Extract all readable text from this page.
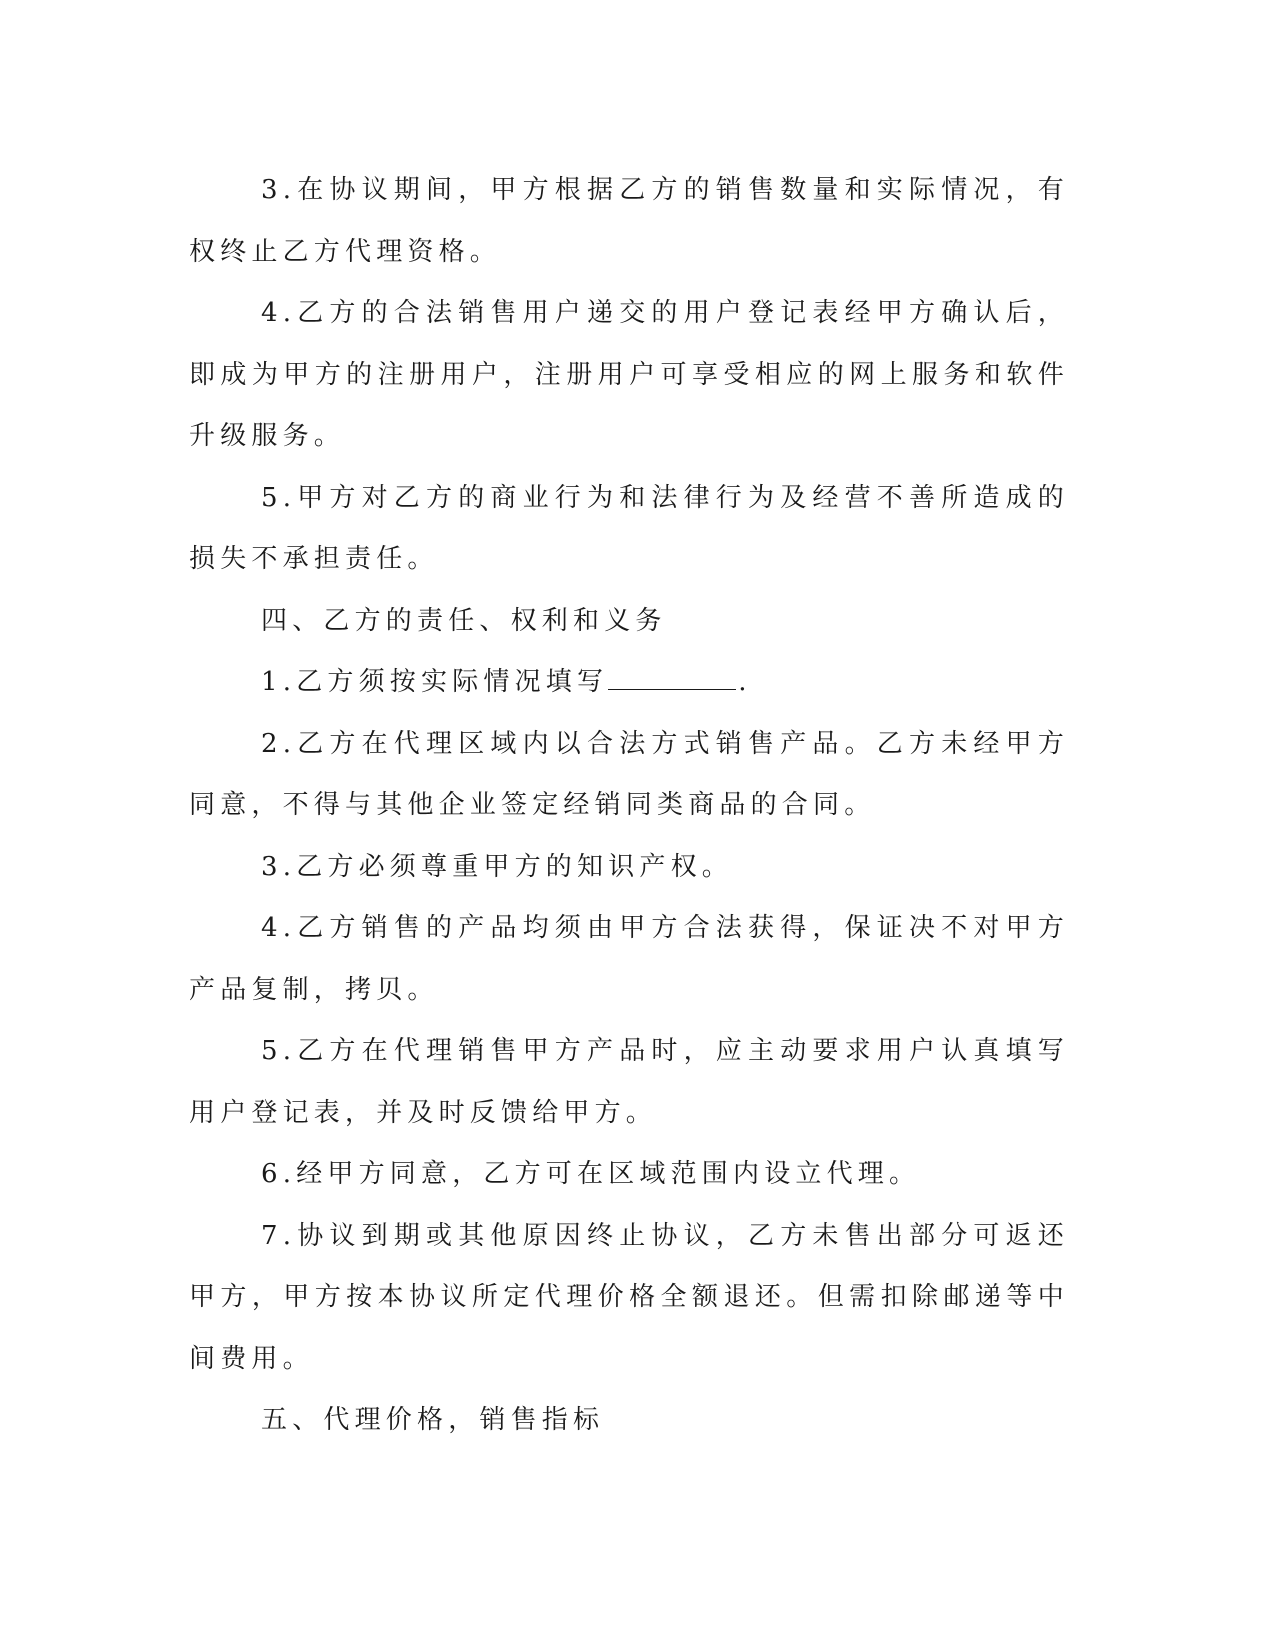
3.在协议期间，甲方根据乙方的销售数量和实际情况，有权终止乙方代理资格。

4.乙方的合法销售用户递交的用户登记表经甲方确认后，即成为甲方的注册用户，注册用户可享受相应的网上服务和软件升级服务。

5.甲方对乙方的商业行为和法律行为及经营不善所造成的损失不承担责任。

四、乙方的责任、权利和义务

1.乙方须按实际情况填写	.

2.乙方在代理区域内以合法方式销售产品。乙方未经甲方同意，不得与其他企业签定经销同类商品的合同。

3.乙方必须尊重甲方的知识产权。

4.乙方销售的产品均须由甲方合法获得，保证决不对甲方产品复制，拷贝。

5.乙方在代理销售甲方产品时，应主动要求用户认真填写用户登记表，并及时反馈给甲方。

6.经甲方同意，乙方可在区域范围内设立代理。

7.协议到期或其他原因终止协议，乙方未售出部分可返还甲方，甲方按本协议所定代理价格全额退还。但需扣除邮递等中间费用。

五、代理价格，销售指标
